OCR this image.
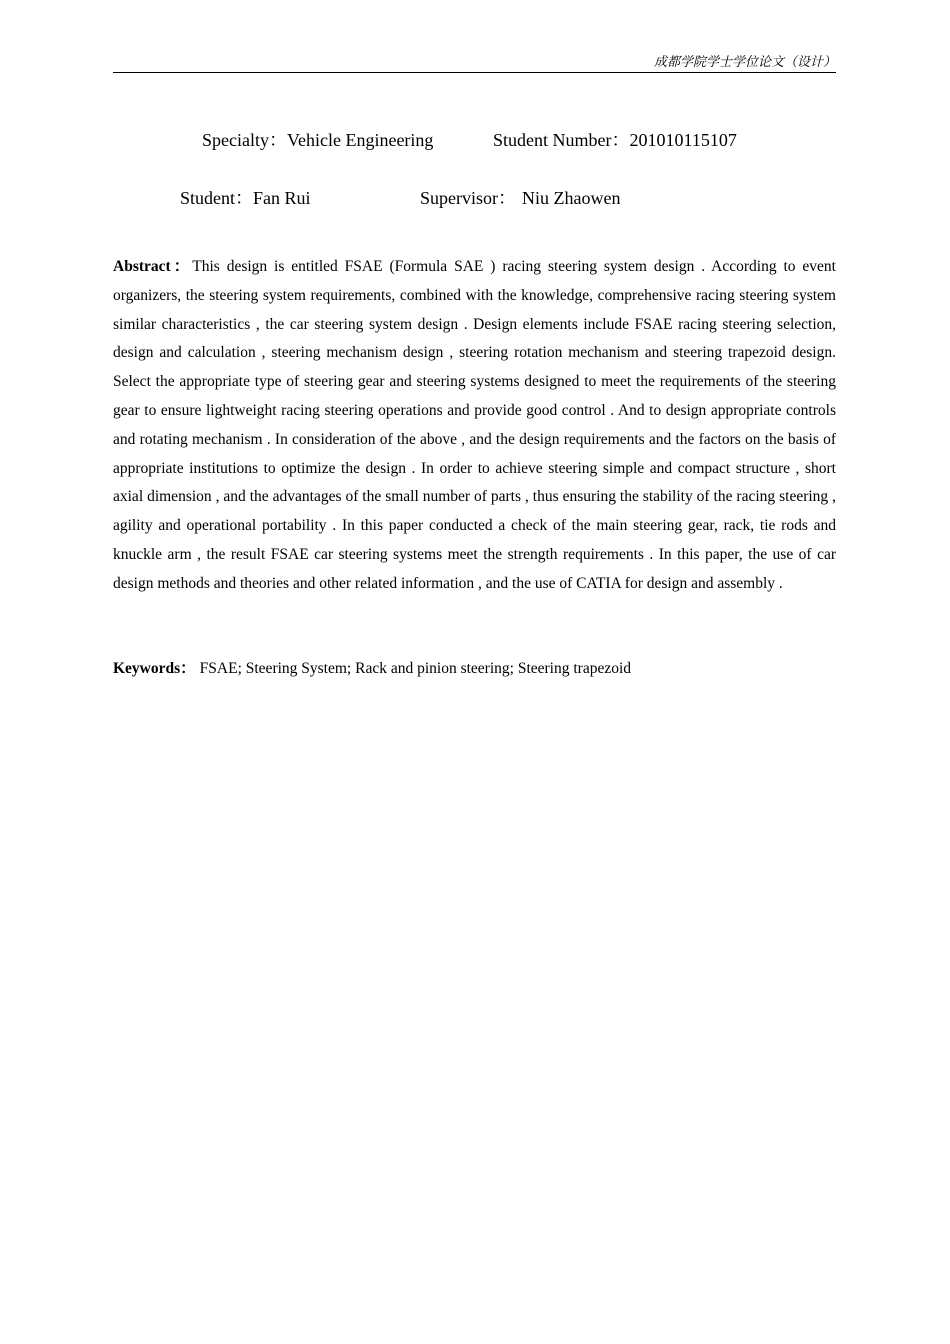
成都学院学士学位论文（设计）
Specialty：Vehicle Engineering	Student Number：201010115107
Student：Fan Rui	Supervisor： Niu Zhaowen

Abstract：This design is entitled FSAE (Formula SAE ) racing steering system design . According to event organizers, the steering system requirements, combined with the knowledge, comprehensive racing steering system similar characteristics , the car steering system design . Design elements include FSAE racing steering selection, design and calculation , steering mechanism design , steering rotation mechanism and steering trapezoid design. Select the appropriate type of steering gear and steering systems designed to meet the requirements of the steering gear to ensure lightweight racing steering operations and provide good control . And to design appropriate controls and rotating mechanism . In consideration of the above , and the design requirements and the factors on the basis of appropriate institutions to optimize the design . In order to achieve steering simple and compact structure , short axial dimension , and the advantages of the small number of parts , thus ensuring the stability of the racing steering , agility and operational portability . In this paper conducted a check of the main steering gear, rack, tie rods and knuckle arm , the result FSAE car steering systems meet the strength requirements . In this paper, the use of car design methods and theories and other related information , and the use of CATIA for design and assembly .

Keywords： FSAE; Steering System; Rack and pinion steering; Steering trapezoid
